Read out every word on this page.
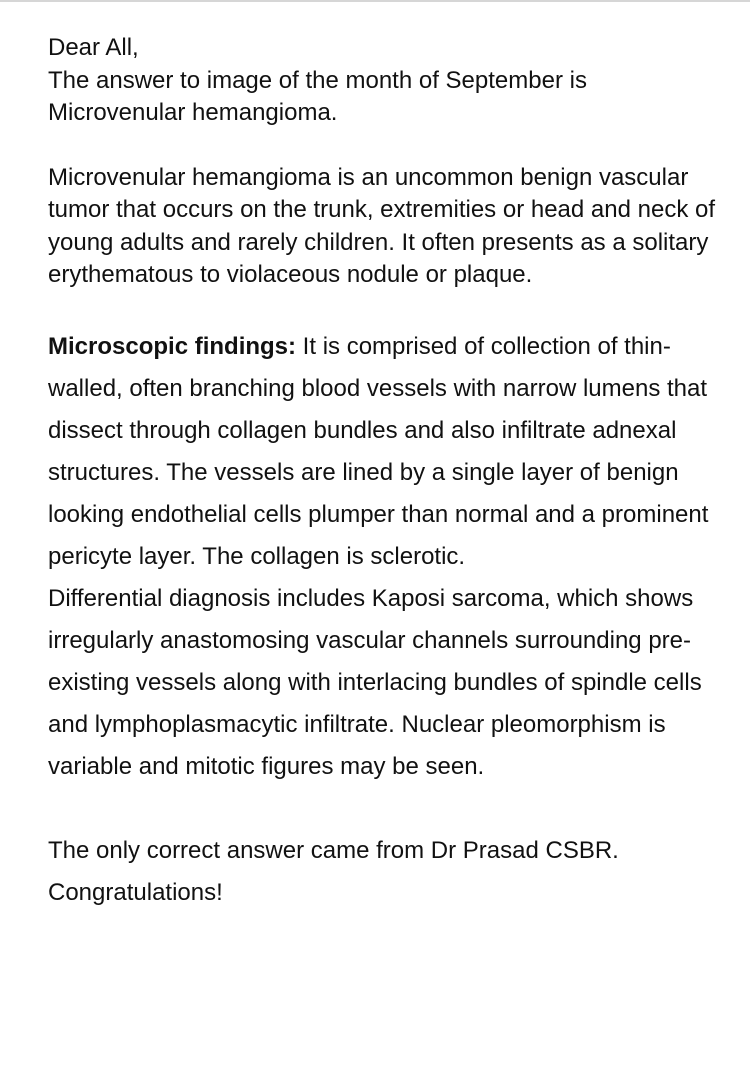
Dear All,

The answer to image of the month of September is

Microvenular hemangioma.

Microvenular hemangioma is an uncommon benign vascular tumor that occurs on the trunk, extremities or head and neck of young adults and rarely children. It often presents as a solitary erythematous to violaceous nodule or plaque.

Microscopic findings: It is comprised of collection of thin-walled, often branching blood vessels with narrow lumens that dissect through collagen bundles and also infiltrate adnexal structures. The vessels are lined by a single layer of benign looking endothelial cells plumper than normal and a prominent pericyte layer. The collagen is sclerotic.

Differential diagnosis includes Kaposi sarcoma, which shows irregularly anastomosing vascular channels surrounding pre-existing vessels along with interlacing bundles of spindle cells and lymphoplasmacytic infiltrate. Nuclear pleomorphism is variable and mitotic figures may be seen.

The only correct answer came from Dr Prasad CSBR.

Congratulations!
